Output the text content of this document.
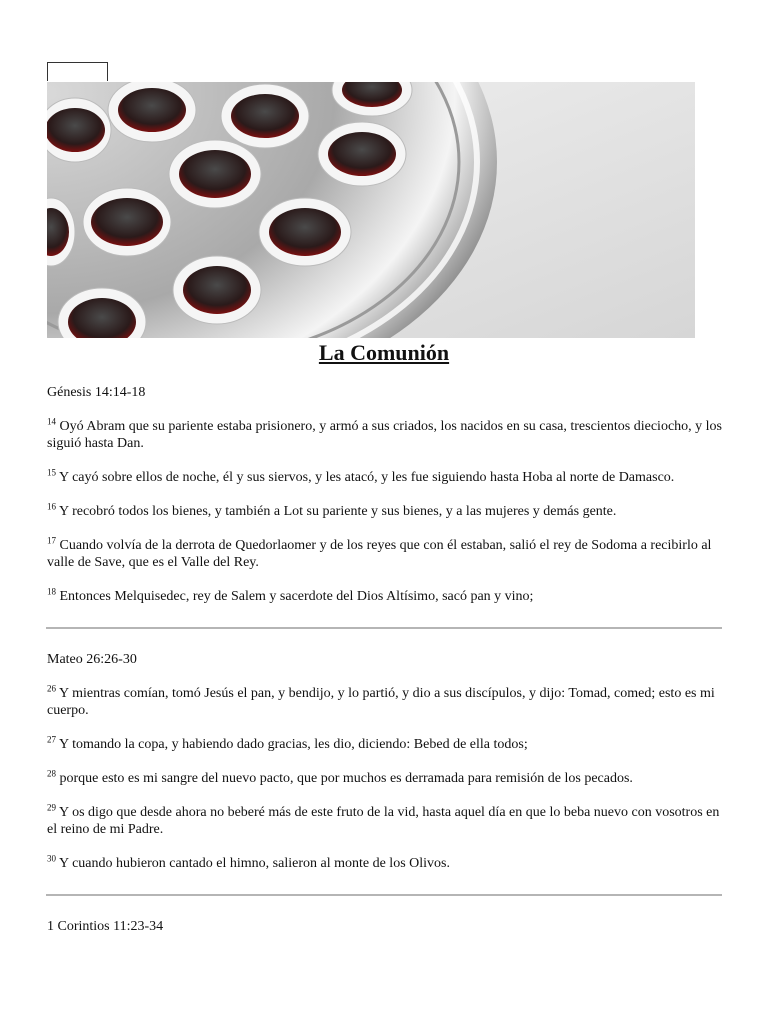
La Comunión

Génesis 14:14-18

$^{14}$ Oyó Abram que su pariente estaba prisionero, y armó a sus criados, los nacidos en su casa, trescientos dieciocho, y los siguió hasta Dan.

$^{15}$ Y cayó sobre ellos de noche, él y sus siervos, y les atacó, y les fue siguiendo hasta Hoba al norte de Damasco.

$^{16}$ Y recobró todos los bienes, y también a Lot su pariente y sus bienes, y a las mujeres y demás gente.

$^{17}$ Cuando volvía de la derrota de Quedorlaomer y de los reyes que con él estaban, salió el rey de Sodoma a recibirlo al valle de Save, que es el Valle del Rey.

$^{18}$ Entonces Melquisedec, rey de Salem y sacerdote del Dios Altísimo, sacó pan y vino;

Mateo 26:26-30

$^{26}$ Y mientras comían, tomó Jesús el pan, y bendijo, y lo partió, y dio a sus discípulos, y dijo: Tomad, comed; esto es mi cuerpo.

$^{27}$ Y tomando la copa, y habiendo dado gracias, les dio, diciendo: Bebed de ella todos;

$^{28}$ porque esto es mi sangre del nuevo pacto, que por muchos es derramada para remisión de los pecados.

$^{29}$ Y os digo que desde ahora no beberé más de este fruto de la vid, hasta aquel día en que lo beba nuevo con vosotros en el reino de mi Padre.

$^{30}$ Y cuando hubieron cantado el himno, salieron al monte de los Olivos.

1 Corintios 11:23-34
